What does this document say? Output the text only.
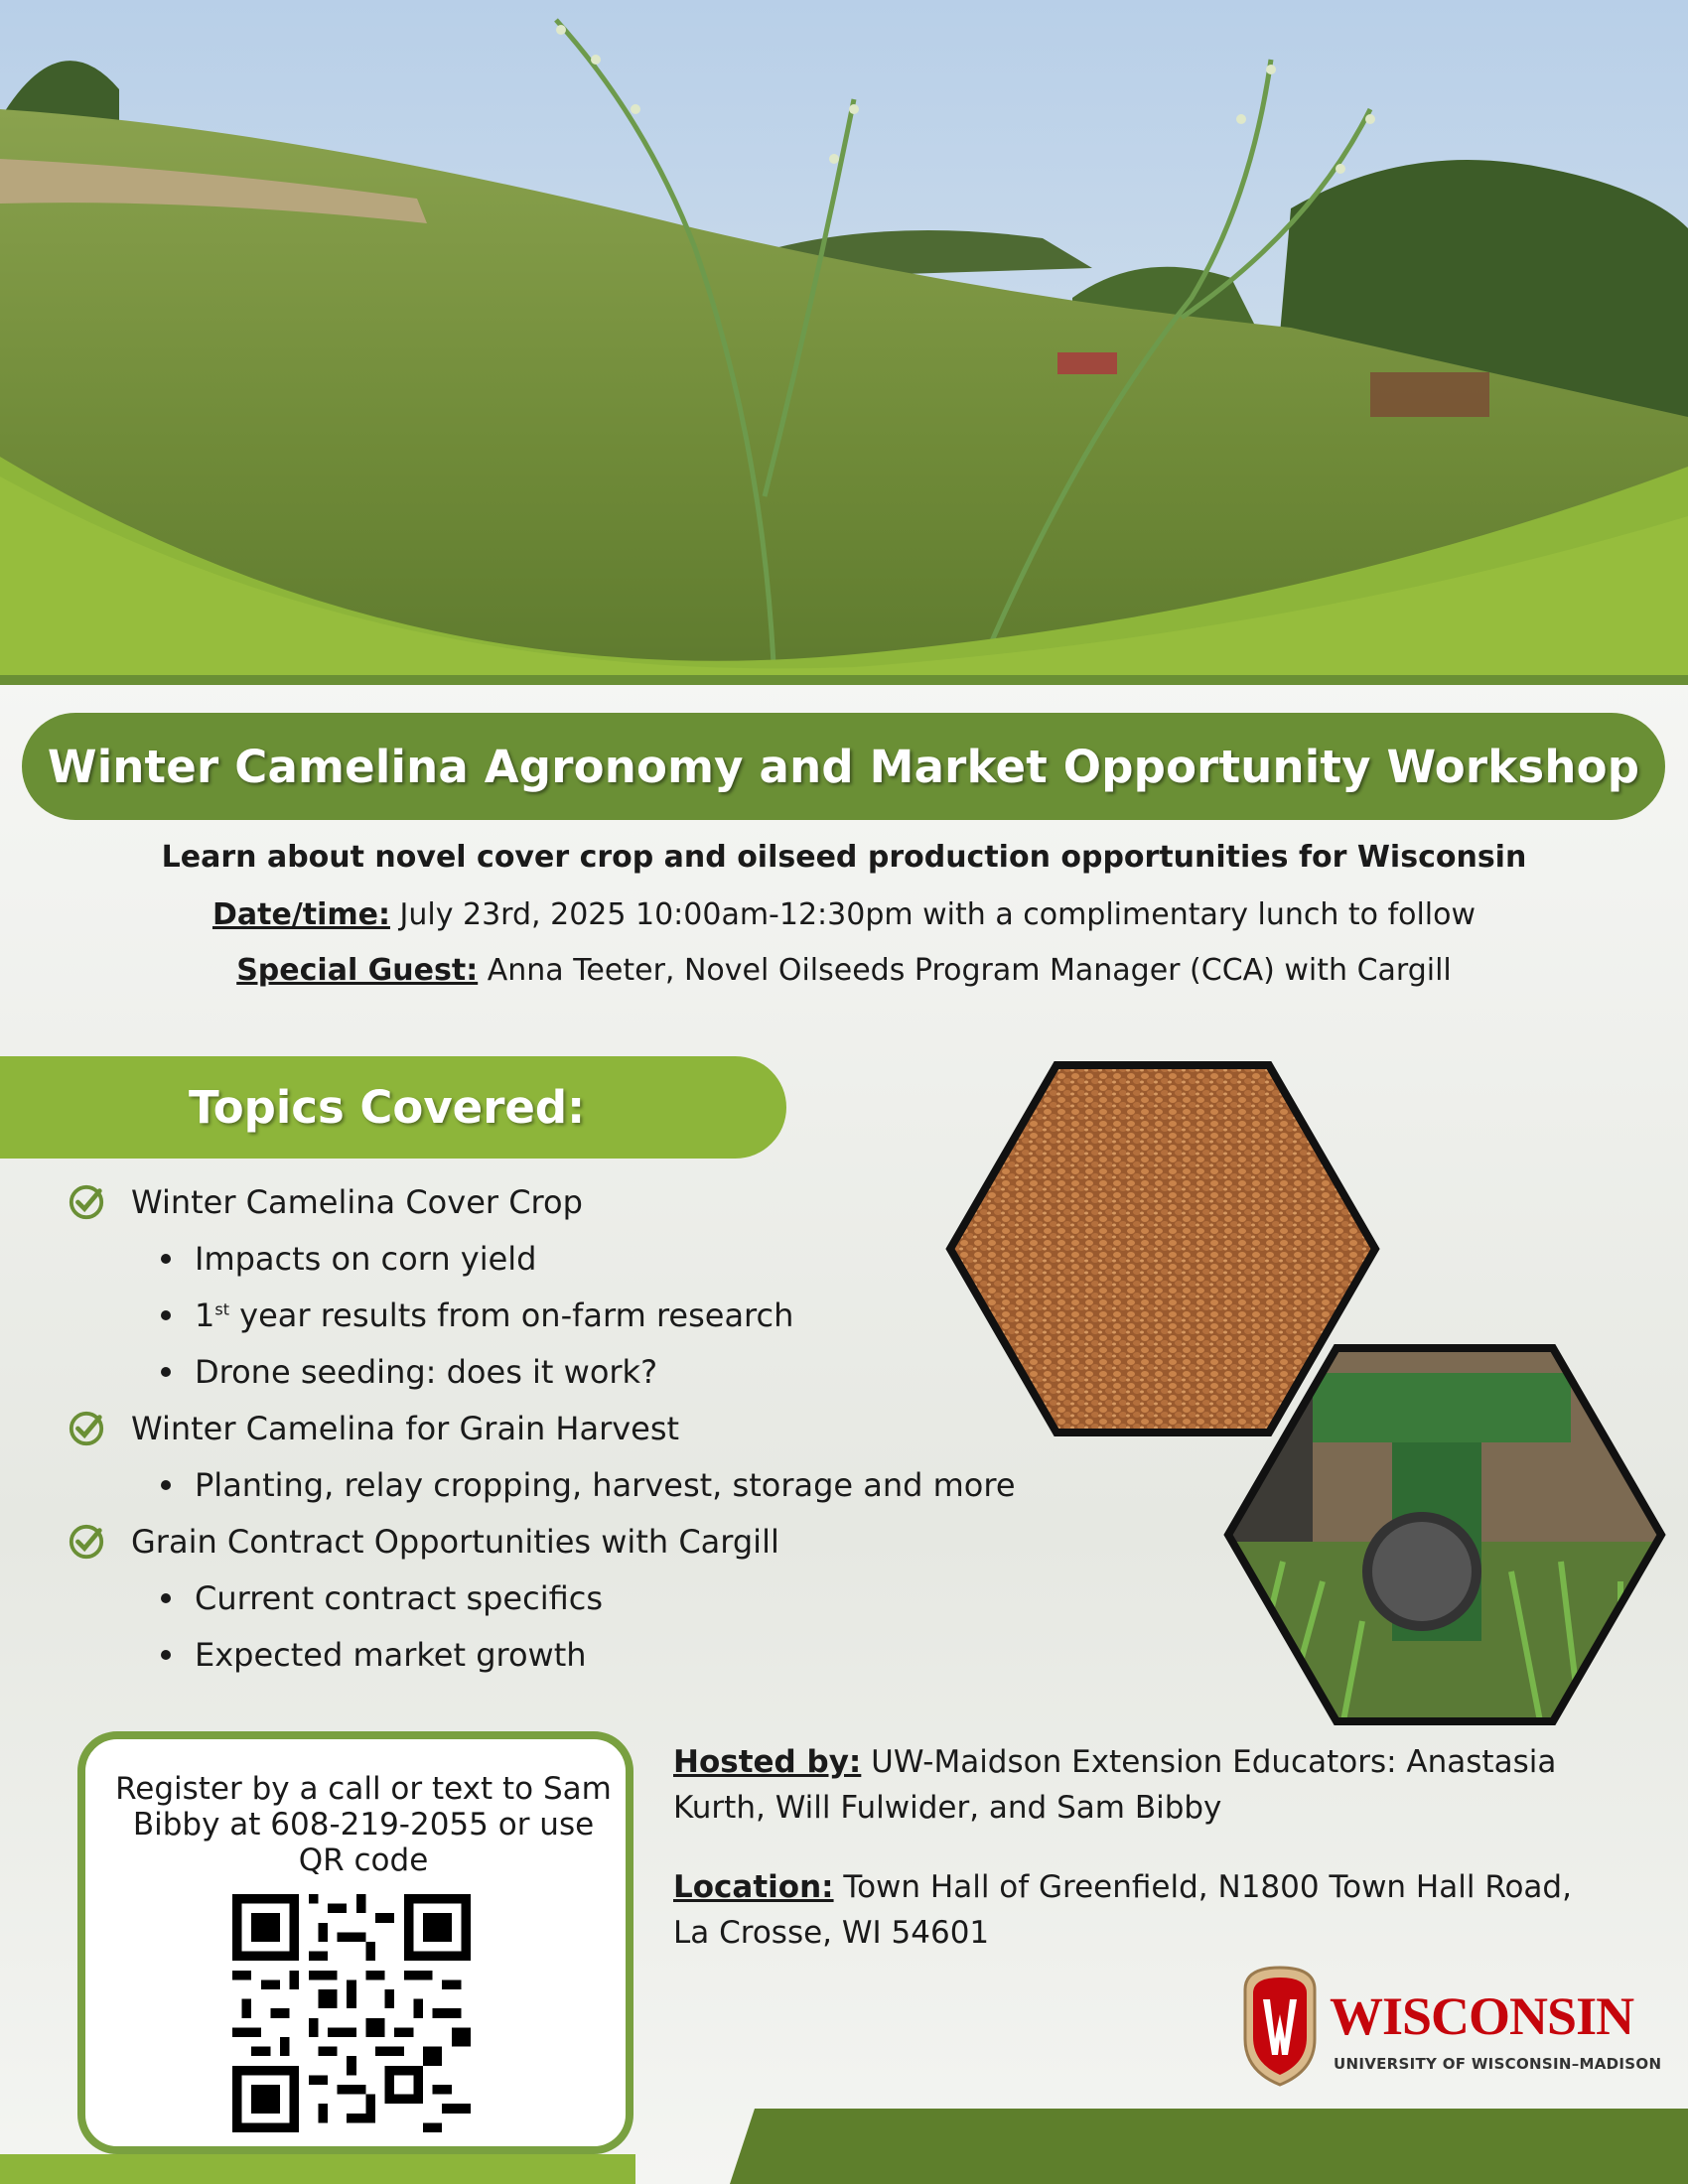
Winter Camelina Agronomy and Market Opportunity Workshop
Learn about novel cover crop and oilseed production opportunities for Wisconsin
Date/time: July 23rd, 2025 10:00am-12:30pm with a complimentary lunch to follow
Special Guest: Anna Teeter, Novel Oilseeds Program Manager (CCA) with Cargill
Topics Covered:
Winter Camelina Cover Crop
Impacts on corn yield
1st year results from on-farm research
Drone seeding: does it work?
Winter Camelina for Grain Harvest
Planting, relay cropping, harvest, storage and more
Grain Contract Opportunities with Cargill
Current contract specifics
Expected market growth
Register by a call or text to Sam Bibby at 608-219-2055 or use QR code
Hosted by: UW-Maidson Extension Educators: Anastasia Kurth, Will Fulwider, and Sam Bibby
Location: Town Hall of Greenfield, N1800 Town Hall Road, La Crosse, WI 54601
WISCONSIN
UNIVERSITY OF WISCONSIN–MADISON
